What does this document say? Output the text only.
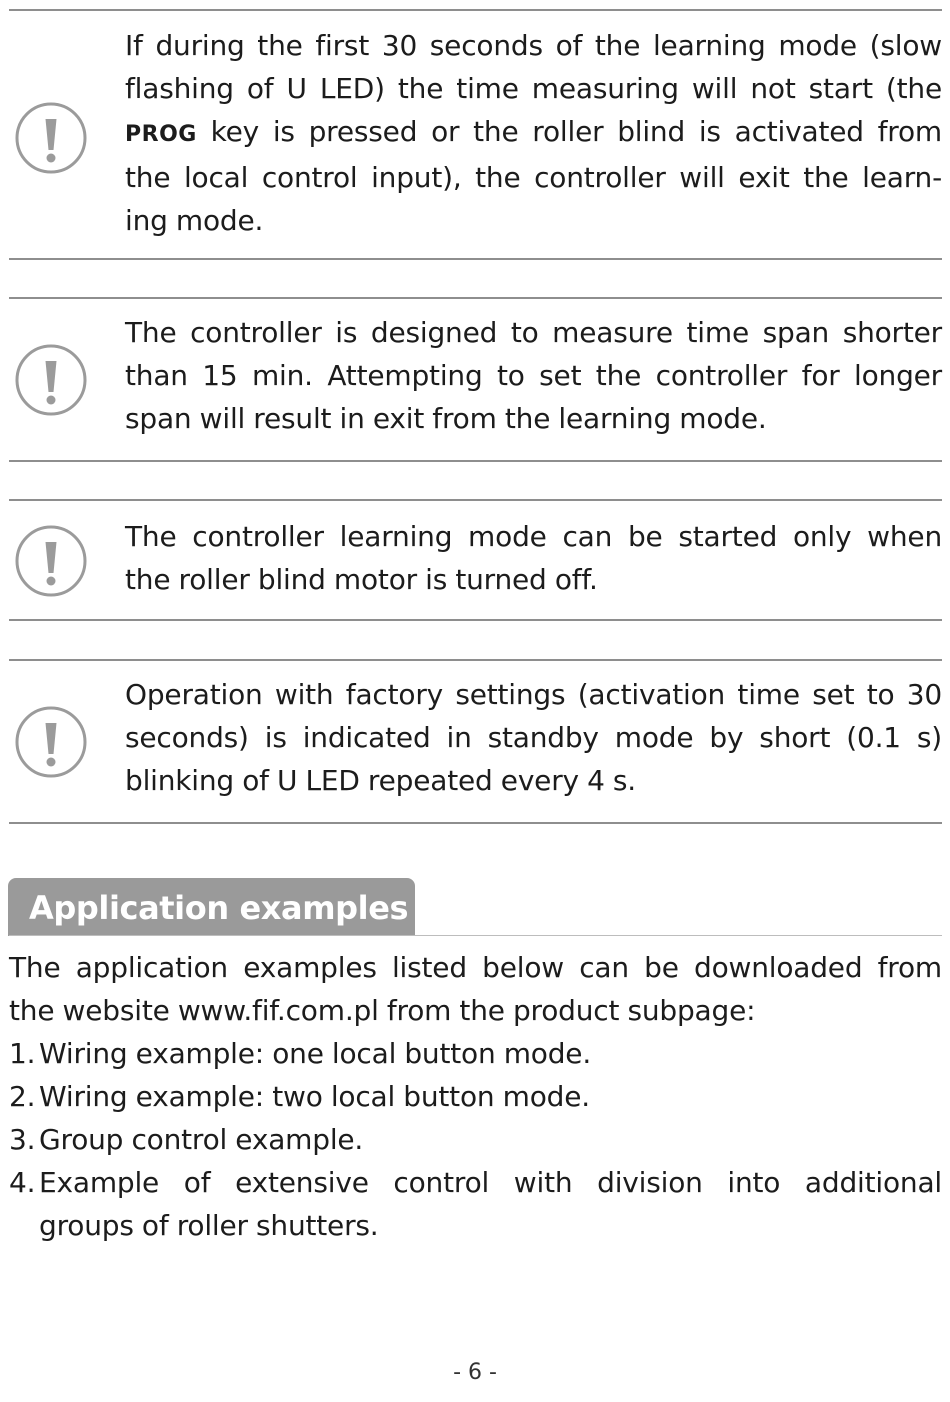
If during the first 30 seconds of the learning mode (slow
flashing of U LED) the time measuring will not start (the
PROG key is pressed or the roller blind is activated from
the local control input), the controller will exit the learn-
ing mode.
The controller is designed to measure time span shorter
than 15 min. Attempting to set the controller for longer
span will result in exit from the learning mode.
The controller learning mode can be started only when
the roller blind motor is turned off.
Operation with factory settings (activation time set to 30
seconds) is indicated in standby mode by short (0.1 s)
blinking of U LED repeated every 4 s.
Application examples
The application examples listed below can be downloaded from
the website www.fif.com.pl from the product subpage:
1. Wiring example: one local button mode.
2. Wiring example: two local button mode.
3. Group control example.
4. Example of extensive control with division into additional
groups of roller shutters.
- 6 -
